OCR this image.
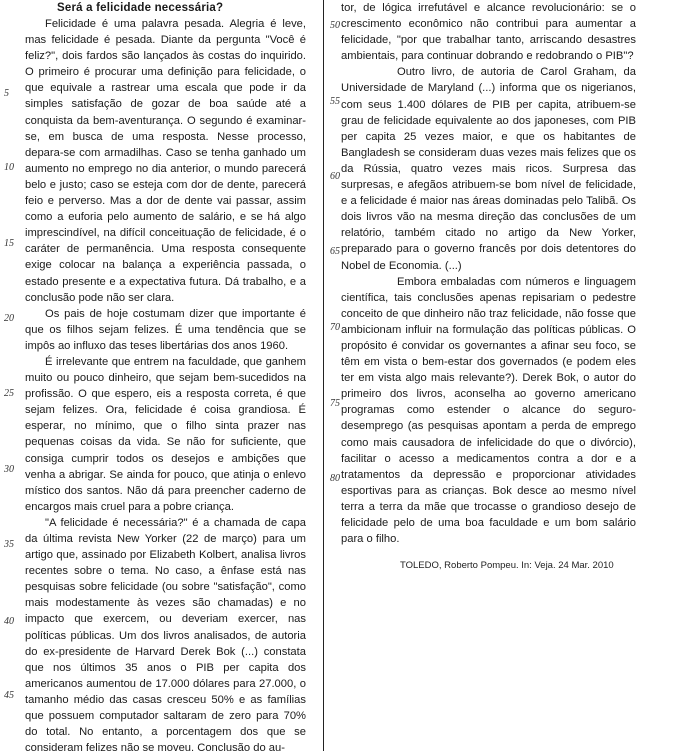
Será a felicidade necessária?

Felicidade é uma palavra pesada. Alegria é leve, mas felicidade é pesada. Diante da pergunta "Você é feliz?", dois fardos são lançados às costas do inquirido. O primeiro é procurar uma definição para felicidade, o que equivale a rastrear uma escala que pode ir da simples satisfação de gozar de boa saúde até a conquista da bem-aventurança. O segundo é examinar-se, em busca de uma resposta. Nesse processo, depara-se com armadilhas. Caso se tenha ganhado um aumento no emprego no dia anterior, o mundo parecerá belo e justo; caso se esteja com dor de dente, parecerá feio e perverso. Mas a dor de dente vai passar, assim como a euforia pelo aumento de salário, e se há algo imprescindível, na difícil conceituação de felicidade, é o caráter de permanência. Uma resposta consequente exige colocar na balança a experiência passada, o estado presente e a expectativa futura. Dá trabalho, e a conclusão pode não ser clara.

Os pais de hoje costumam dizer que importante é que os filhos sejam felizes. É uma tendência que se impôs ao influxo das teses libertárias dos anos 1960.

É irrelevante que entrem na faculdade, que ganhem muito ou pouco dinheiro, que sejam bem-sucedidos na profissão. O que espero, eis a resposta correta, é que sejam felizes. Ora, felicidade é coisa grandiosa. É esperar, no mínimo, que o filho sinta prazer nas pequenas coisas da vida. Se não for suficiente, que consiga cumprir todos os desejos e ambições que venha a abrigar. Se ainda for pouco, que atinja o enlevo místico dos santos. Não dá para preencher caderno de encargos mais cruel para a pobre criança.

"A felicidade é necessária?" é a chamada de capa da última revista New Yorker (22 de março) para um artigo que, assinado por Elizabeth Kolbert, analisa livros recentes sobre o tema. No caso, a ênfase está nas pesquisas sobre felicidade (ou sobre "satisfação", como mais modestamente às vezes são chamadas) e no impacto que exercem, ou deveriam exercer, nas políticas públicas. Um dos livros analisados, de autoria do ex-presidente de Harvard Derek Bok (...) constata que nos últimos 35 anos o PIB per capita dos americanos aumentou de 17.000 dólares para 27.000, o tamanho médio das casas cresceu 50% e as famílias que possuem computador saltaram de zero para 70% do total. No entanto, a porcentagem dos que se consideram felizes não se moveu. Conclusão do au-

tor, de lógica irrefutável e alcance revolucionário: se o crescimento econômico não contribui para aumentar a felicidade, "por que trabalhar tanto, arriscando desastres ambientais, para continuar dobrando e redobrando o PIB"?

Outro livro, de autoria de Carol Graham, da Universidade de Maryland (...) informa que os nigerianos, com seus 1.400 dólares de PIB per capita, atribuem-se grau de felicidade equivalente ao dos japoneses, com PIB per capita 25 vezes maior, e que os habitantes de Bangladesh se consideram duas vezes mais felizes que os da Rússia, quatro vezes mais ricos. Surpresa das surpresas, e afegãos atribuem-se bom nível de felicidade, e a felicidade é maior nas áreas dominadas pelo Talibã. Os dois livros vão na mesma direção das conclusões de um relatório, também citado no artigo da New Yorker, preparado para o governo francês por dois detentores do Nobel de Economia. (...)

Embora embaladas com números e linguagem científica, tais conclusões apenas repisariam o pedestre conceito de que dinheiro não traz felicidade, não fosse que ambicionam influir na formulação das políticas públicas. O propósito é convidar os governantes a afinar seu foco, se têm em vista o bem-estar dos governados (e podem eles ter em vista algo mais relevante?). Derek Bok, o autor do primeiro dos livros, aconselha ao governo americano programas como estender o alcance do seguro-desemprego (as pesquisas apontam a perda de emprego como mais causadora de infelicidade do que o divórcio), facilitar o acesso a medicamentos contra a dor e a tratamentos da depressão e proporcionar atividades esportivas para as crianças. Bok desce ao mesmo nível terra a terra da mãe que trocasse o grandioso desejo de felicidade pelo de uma boa faculdade e um bom salário para o filho.

TOLEDO, Roberto Pompeu. In: Veja. 24 Mar. 2010
5
10
15
20
25
30
35
40
45
50
55
60
65
70
75
80
